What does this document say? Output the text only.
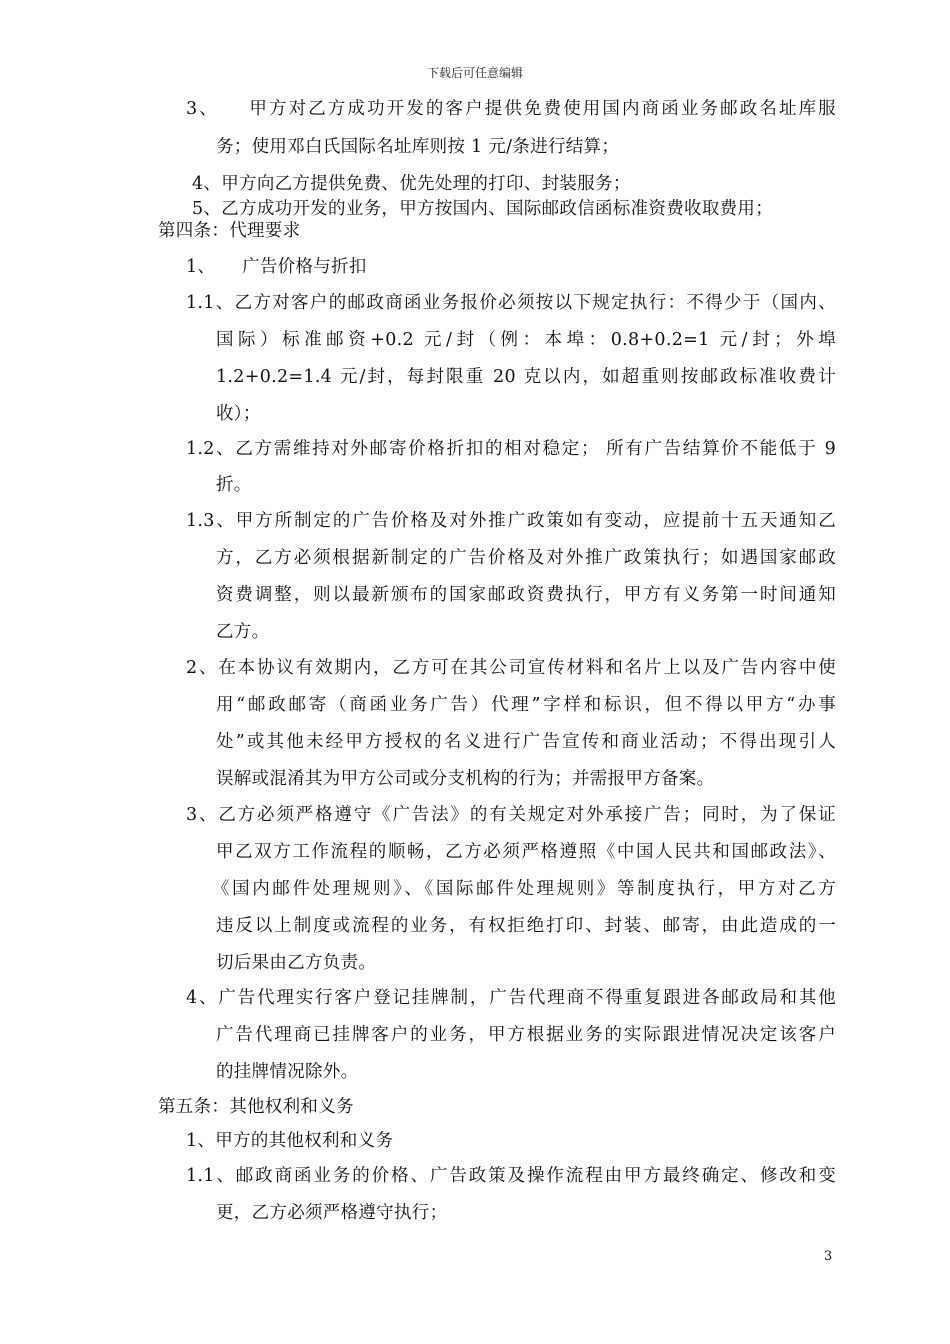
下载后可任意编辑
3、　　甲方对乙方成功开发的客户提供免费使用国内商函业务邮政名址库服
务；使用邓白氏国际名址库则按 1 元/条进行结算；
4、甲方向乙方提供免费、优先处理的打印、封装服务；
5、乙方成功开发的业务，甲方按国内、国际邮政信函标准资费收取费用；
第四条：代理要求
1、　　广告价格与折扣
1.1、乙方对客户的邮政商函业务报价必须按以下规定执行：不得少于（国内、
国际）标准邮资+0.2 元/封（例：本埠：0.8+0.2=1 元/封；外埠
1.2+0.2=1.4 元/封，每封限重 20 克以内，如超重则按邮政标准收费计
收）；
1.2、乙方需维持对外邮寄价格折扣的相对稳定； 所有广告结算价不能低于 9
折。
1.3、甲方所制定的广告价格及对外推广政策如有变动，应提前十五天通知乙
方，乙方必须根据新制定的广告价格及对外推广政策执行；如遇国家邮政
资费调整，则以最新颁布的国家邮政资费执行，甲方有义务第一时间通知
乙方。
2、在本协议有效期内，乙方可在其公司宣传材料和名片上以及广告内容中使
用“邮政邮寄（商函业务广告）代理”字样和标识，但不得以甲方“办事
处”或其他未经甲方授权的名义进行广告宣传和商业活动；不得出现引人
误解或混淆其为甲方公司或分支机构的行为；并需报甲方备案。
3、乙方必须严格遵守《广告法》的有关规定对外承接广告；同时，为了保证
甲乙双方工作流程的顺畅，乙方必须严格遵照《中国人民共和国邮政法》、
《国内邮件处理规则》、《国际邮件处理规则》等制度执行，甲方对乙方
违反以上制度或流程的业务，有权拒绝打印、封装、邮寄，由此造成的一
切后果由乙方负责。
4、广告代理实行客户登记挂牌制，广告代理商不得重复跟进各邮政局和其他
广告代理商已挂牌客户的业务，甲方根据业务的实际跟进情况决定该客户
的挂牌情况除外。
第五条：其他权利和义务
1、甲方的其他权利和义务
1.1、邮政商函业务的价格、广告政策及操作流程由甲方最终确定、修改和变
更，乙方必须严格遵守执行；
3
